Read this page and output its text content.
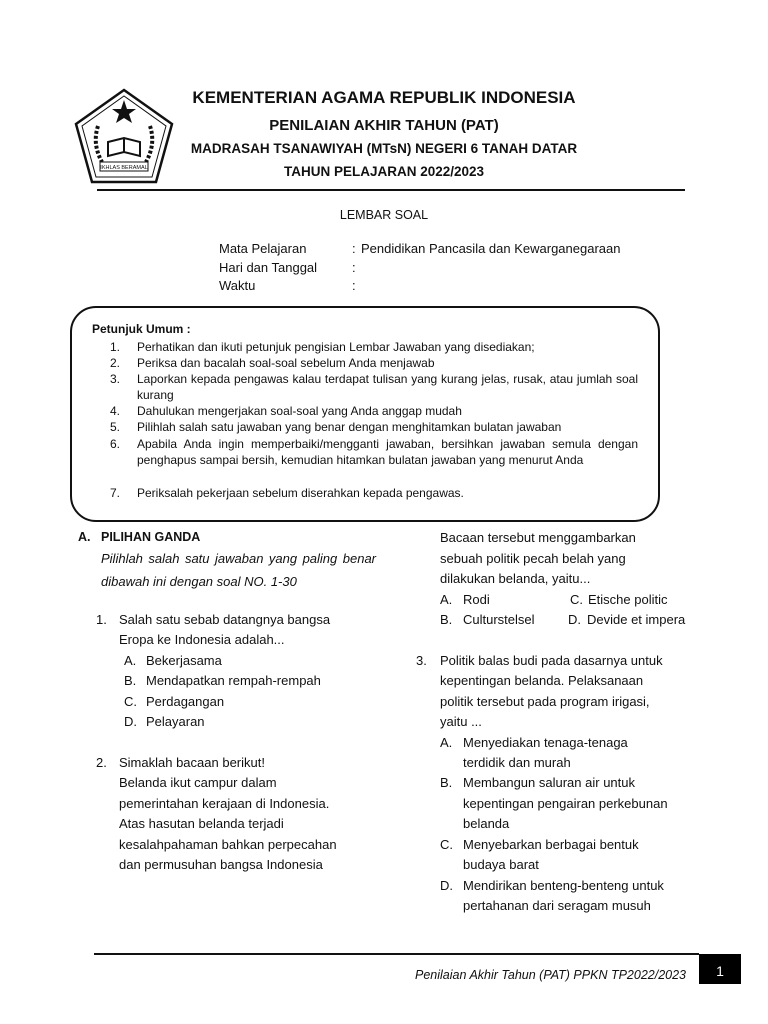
IKHLAS BERAMAL
KEMENTERIAN AGAMA REPUBLIK INDONESIA
PENILAIAN AKHIR TAHUN (PAT)
MADRASAH TSANAWIYAH (MTsN) NEGERI 6 TANAH DATAR
TAHUN PELAJARAN 2022/2023
LEMBAR SOAL
Mata Pelajaran	: Pendidikan Pancasila dan Kewarganegaraan
Hari dan Tanggal	:
Waktu	:
Petunjuk Umum :
1. Perhatikan dan ikuti petunjuk pengisian Lembar Jawaban yang disediakan;
2. Periksa dan bacalah soal-soal sebelum Anda menjawab
3. Laporkan kepada pengawas kalau terdapat tulisan yang kurang jelas, rusak, atau jumlah soal kurang
4. Dahulukan mengerjakan soal-soal yang Anda anggap mudah
5. Pilihlah salah satu jawaban yang benar dengan menghitamkan bulatan jawaban
6. Apabila Anda ingin memperbaiki/mengganti jawaban, bersihkan jawaban semula dengan penghapus sampai bersih, kemudian hitamkan bulatan jawaban yang menurut Anda
7. Periksalah pekerjaan sebelum diserahkan kepada pengawas.
A. PILIHAN GANDA
Pilihlah salah satu jawaban yang paling benar dibawah ini dengan soal NO. 1-30
1. Salah satu sebab datangnya bangsa
Eropa ke Indonesia adalah...
A. Bekerjasama
B. Mendapatkan rempah-rempah
C. Perdagangan
D. Pelayaran
2. Simaklah bacaan berikut!
Belanda ikut campur dalam
pemerintahan kerajaan di Indonesia.
Atas hasutan belanda terjadi
kesalahpahaman bahkan perpecahan
dan permusuhan bangsa Indonesia
Bacaan tersebut menggambarkan
sebuah politik pecah belah yang
dilakukan belanda, yaitu...
A. Rodi	C. Etische politic
B. Culturstelsel	D. Devide et impera
3. Politik balas budi pada dasarnya untuk
kepentingan belanda. Pelaksanaan
politik tersebut pada program irigasi,
yaitu ...
A. Menyediakan tenaga-tenaga
terdidik dan murah
B. Membangun saluran air untuk
kepentingan pengairan perkebunan
belanda
C. Menyebarkan berbagai bentuk
budaya barat
D. Mendirikan benteng-benteng untuk
pertahanan dari seragam musuh
Penilaian Akhir Tahun (PAT) PPKN TP2022/2023	1
